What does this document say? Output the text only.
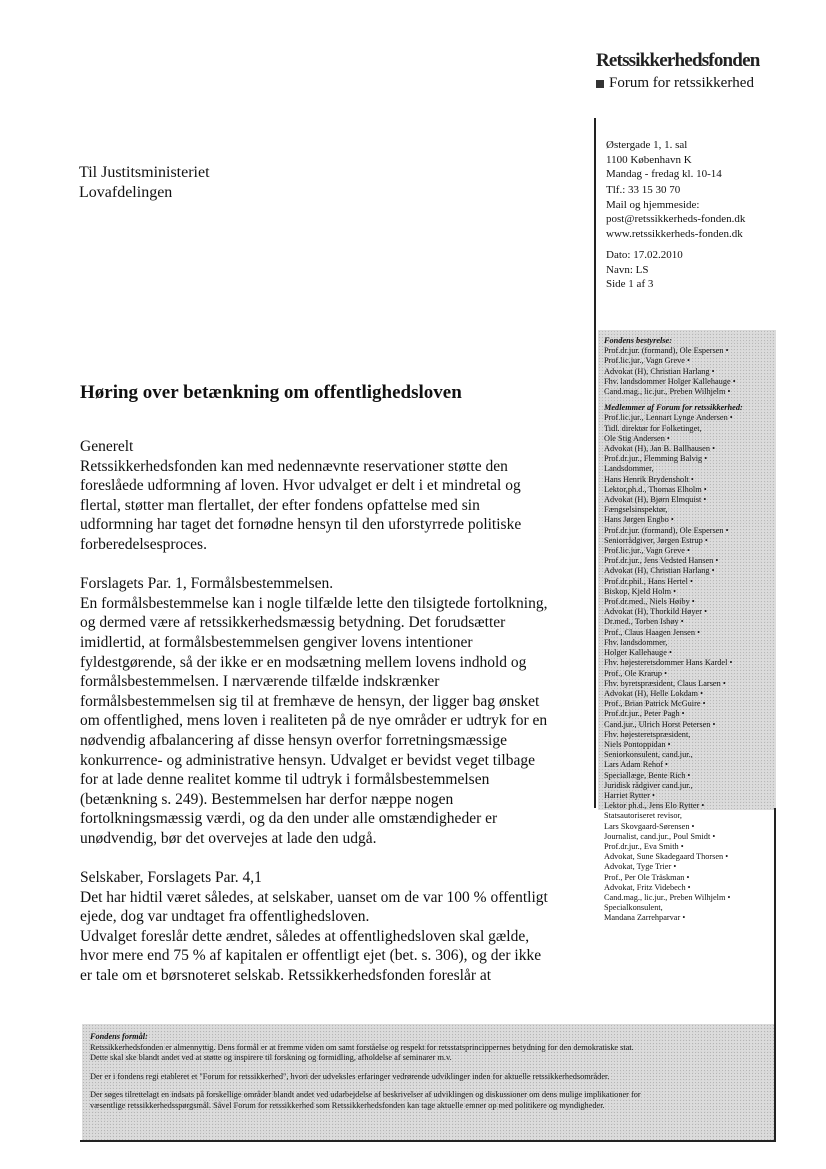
Retssikkerhedsfonden
Forum for retssikkerhed
Østergade 1, 1. sal
1100 København K
Mandag - fredag kl. 10-14
Tlf.: 33 15 30 70
Mail og hjemmeside:
post@retssikkerheds-fonden.dk
www.retssikkerheds-fonden.dk
Dato: 17.02.2010
Navn: LS
Side 1 af 3
Til Justitsministeriet
Lovafdelingen
Høring over betænkning om offentlighedsloven
Generelt
Retssikkerhedsfonden kan med nedennævnte reservationer støtte den
foreslåede udformning af loven. Hvor udvalget er delt i et mindretal og
flertal, støtter man flertallet, der efter fondens opfattelse med sin
udformning har taget det fornødne hensyn til den uforstyrrede politiske
forberedelsesproces.
Forslagets Par. 1, Formålsbestemmelsen.
En formålsbestemmelse kan i nogle tilfælde lette den tilsigtede fortolkning,
og dermed være af retssikkerhedsmæssig betydning. Det forudsætter
imidlertid, at formålsbestemmelsen gengiver lovens intentioner
fyldestgørende, så der ikke er en modsætning mellem lovens indhold og
formålsbestemmelsen. I nærværende tilfælde indskrænker
formålsbestemmelsen sig til at fremhæve de hensyn, der ligger bag ønsket
om offentlighed, mens loven i realiteten på de nye områder er udtryk for en
nødvendig afbalancering af disse hensyn overfor forretningsmæssige
konkurrence- og administrative hensyn. Udvalget er bevidst veget tilbage
for at lade denne realitet komme til udtryk i formålsbestemmelsen
(betænkning s. 249). Bestemmelsen har derfor næppe nogen
fortolkningsmæssig værdi, og da den under alle omstændigheder er
unødvendig, bør det overvejes at lade den udgå.
Selskaber, Forslagets Par. 4,1
Det har hidtil været således, at selskaber, uanset om de var 100 % offentligt
ejede, dog var undtaget fra offentlighedsloven.
Udvalget foreslår dette ændret, således at offentlighedsloven skal gælde,
hvor mere end 75 % af kapitalen er offentligt ejet (bet. s. 306), og der ikke
er tale om et børsnoteret selskab. Retssikkerhedsfonden foreslår at
Fondens bestyrelse:
Prof.dr.jur. (formand), Ole Espersen •
Prof.lic.jur., Vagn Greve •
Advokat (H), Christian Harlang •
Fhv. landsdommer Holger Kallehauge •
Cand.mag., lic.jur., Preben Wilhjelm •
Medlemmer af Forum for retssikkerhed:
Prof.lic.jur., Lennart Lynge Andersen •
Tidl. direktør for Folketinget,
Ole Stig Andersen •
Advokat (H), Jan B. Ballhausen •
Prof.dr.jur., Flemming Balvig •
Landsdommer,
Hans Henrik Brydensholt •
Lektor,ph.d., Thomas Elholm •
Advokat (H), Bjørn Elmquist •
Fængselsinspektør,
Hans Jørgen Engbo •
Prof.dr.jur. (formand), Ole Espersen •
Seniorrådgiver, Jørgen Estrup •
Prof.lic.jur., Vagn Greve •
Prof.dr.jur., Jens Vedsted Hansen •
Advokat (H), Christian Harlang •
Prof.dr.phil., Hans Hertel •
Biskop, Kjeld Holm •
Prof.dr.med., Niels Høiby •
Advokat (H), Thorkild Høyer •
Dr.med., Torben Ishøy •
Prof., Claus Haagen Jensen •
Fhv. landsdommer,
Holger Kallehauge •
Fhv. højesteretsdommer Hans Kardel •
Prof., Ole Krarup •
Fhv. byretspræsident, Claus Larsen •
Advokat (H), Helle Lokdam •
Prof., Brian Patrick McGuire •
Prof.dr.jur., Peter Pagh •
Cand.jur., Ulrich Horst Petersen •
Fhv. højesteretspræsident,
Niels Pontoppidan •
Seniorkonsulent, cand.jur.,
Lars Adam Rehof •
Speciallæge, Bente Rich •
Juridisk rådgiver cand.jur.,
Harriet Rytter •
Lektor ph.d., Jens Elo Rytter •
Statsautoriseret revisor,
Lars Skovgaard-Sørensen •
Journalist, cand.jur., Poul Smidt •
Prof.dr.jur., Eva Smith •
Advokat, Sune Skadegaard Thorsen •
Advokat, Tyge Trier •
Prof., Per Ole Träskman •
Advokat, Fritz Videbech •
Cand.mag., lic.jur., Preben Wilhjelm •
Specialkonsulent,
Mandana Zarrehparvar •
Fondens formål:
Retssikkerhedsfonden er almennyttig. Dens formål er at fremme viden om samt forståelse og respekt for retsstatsprincippernes betydning for den demokratiske stat.
Dette skal ske blandt andet ved at støtte og inspirere til forskning og formidling, afholdelse af seminarer m.v.
Der er i fondens regi etableret et "Forum for retssikkerhed", hvori der udveksles erfaringer vedrørende udviklinger inden for aktuelle retssikkerhedsområder.
Der søges tilrettelagt en indsats på forskellige områder blandt andet ved udarbejdelse af beskrivelser af udviklingen og diskussioner om dens mulige implikationer for
væsentlige retssikkerhedsspørgsmål. Såvel Forum for retssikkerhed som Retssikkerhedsfonden kan tage aktuelle emner op med politikere og myndigheder.
